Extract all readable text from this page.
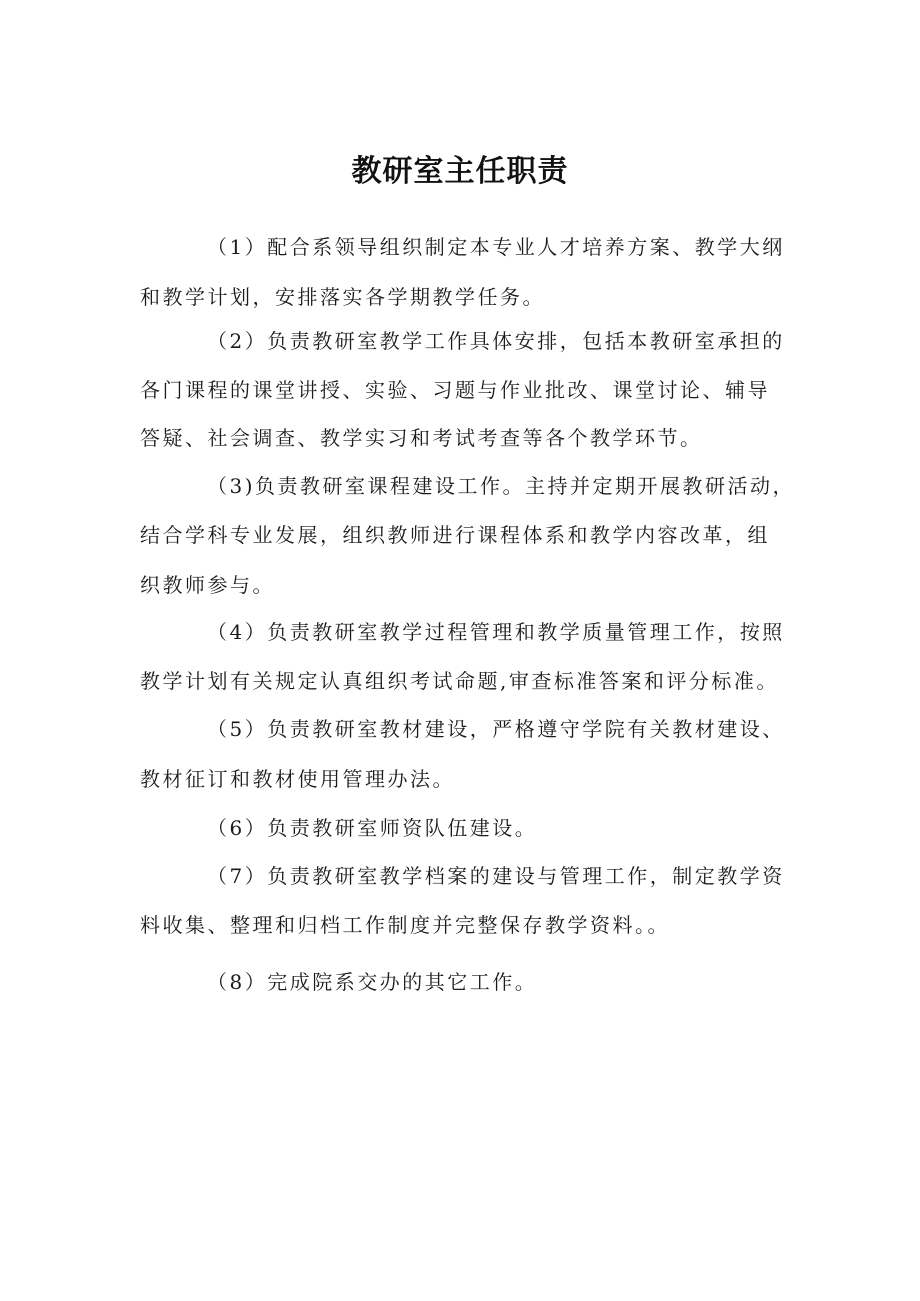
教研室主任职责
（1）配合系领导组织制定本专业人才培养方案、教学大纲
和教学计划，安排落实各学期教学任务。
（2）负责教研室教学工作具体安排，包括本教研室承担的
各门课程的课堂讲授、实验、习题与作业批改、课堂讨论、辅导
答疑、社会调查、教学实习和考试考查等各个教学环节。
（3)负责教研室课程建设工作。主持并定期开展教研活动，
结合学科专业发展，组织教师进行课程体系和教学内容改革，组
织教师参与。
（4）负责教研室教学过程管理和教学质量管理工作，按照
教学计划有关规定认真组织考试命题,审查标准答案和评分标准。
（5）负责教研室教材建设，严格遵守学院有关教材建设、
教材征订和教材使用管理办法。
（6）负责教研室师资队伍建设。
（7）负责教研室教学档案的建设与管理工作，制定教学资
料收集、整理和归档工作制度并完整保存教学资料。。
（8）完成院系交办的其它工作。
